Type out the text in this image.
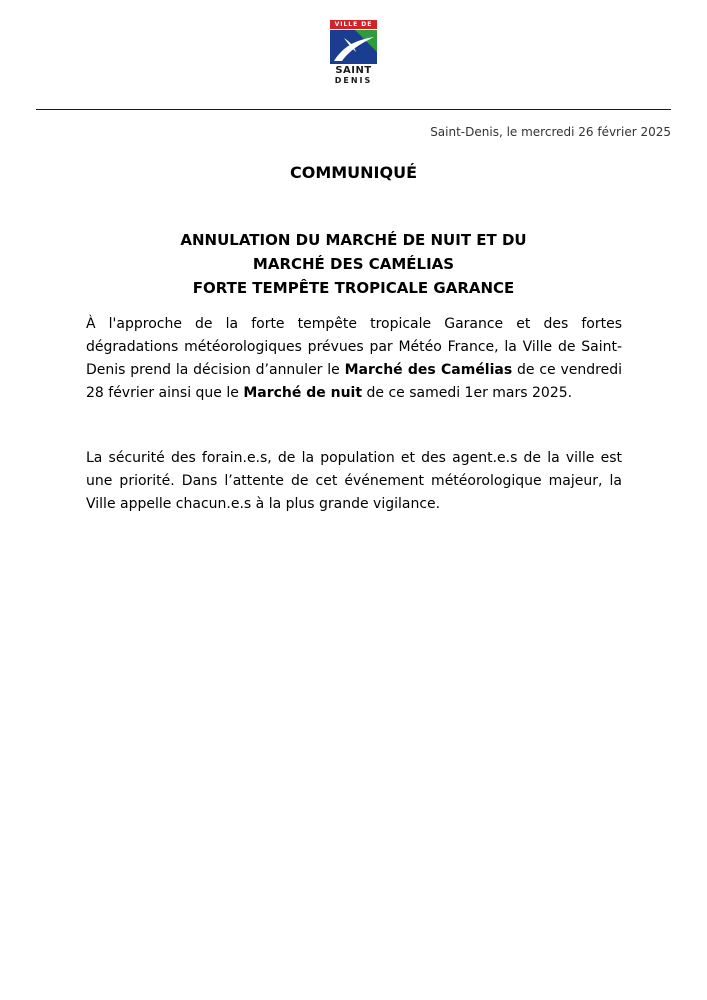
VILLE DE
SAINT
DENIS
Saint-Denis, le mercredi 26 février 2025
COMMUNIQUÉ
ANNULATION DU MARCHÉ DE NUIT ET DU
MARCHÉ DES CAMÉLIAS
FORTE TEMPÊTE TROPICALE GARANCE

À l'approche de la forte tempête tropicale Garance et des fortes dégradations météorologiques prévues par Météo France, la Ville de Saint-Denis prend la décision d’annuler le Marché des Camélias de ce vendredi 28 février ainsi que le Marché de nuit de ce samedi 1er mars 2025.

La sécurité des forain.e.s, de la population et des agent.e.s de la ville est une priorité. Dans l’attente de cet événement météorologique majeur, la Ville appelle chacun.e.s à la plus grande vigilance.
